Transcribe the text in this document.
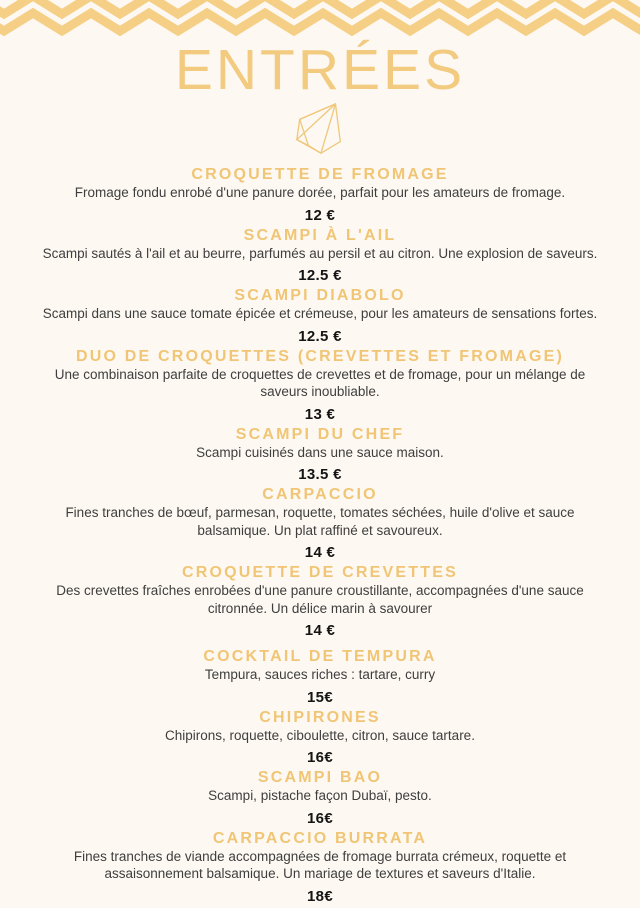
ENTRÉES
CROQUETTE DE FROMAGE

Fromage fondu enrobé d'une panure dorée, parfait pour les amateurs de fromage.

12 €
SCAMPI À L'AIL

Scampi sautés à l'ail et au beurre, parfumés au persil et au citron. Une explosion de saveurs.

12.5 €
SCAMPI DIABOLO

Scampi dans une sauce tomate épicée et crémeuse, pour les amateurs de sensations fortes.

12.5 €
DUO DE CROQUETTES (CREVETTES ET FROMAGE)

Une combinaison parfaite de croquettes de crevettes et de fromage, pour un mélange de saveurs inoubliable.

13 €
SCAMPI DU CHEF

Scampi cuisinés dans une sauce maison.

13.5 €
CARPACCIO

Fines tranches de bœuf, parmesan, roquette, tomates séchées, huile d'olive et sauce balsamique. Un plat raffiné et savoureux.

14 €
CROQUETTE DE CREVETTES

Des crevettes fraîches enrobées d'une panure croustillante, accompagnées d'une sauce citronnée. Un délice marin à savourer

14 €
COCKTAIL DE TEMPURA

Tempura, sauces riches : tartare, curry

15€
CHIPIRONES

Chipirons, roquette, ciboulette, citron, sauce tartare.

16€
SCAMPI BAO

Scampi, pistache façon Dubaï, pesto.

16€
CARPACCIO BURRATA

Fines tranches de viande accompagnées de fromage burrata crémeux, roquette et assaisonnement balsamique. Un mariage de textures et saveurs d'Italie.

18€
